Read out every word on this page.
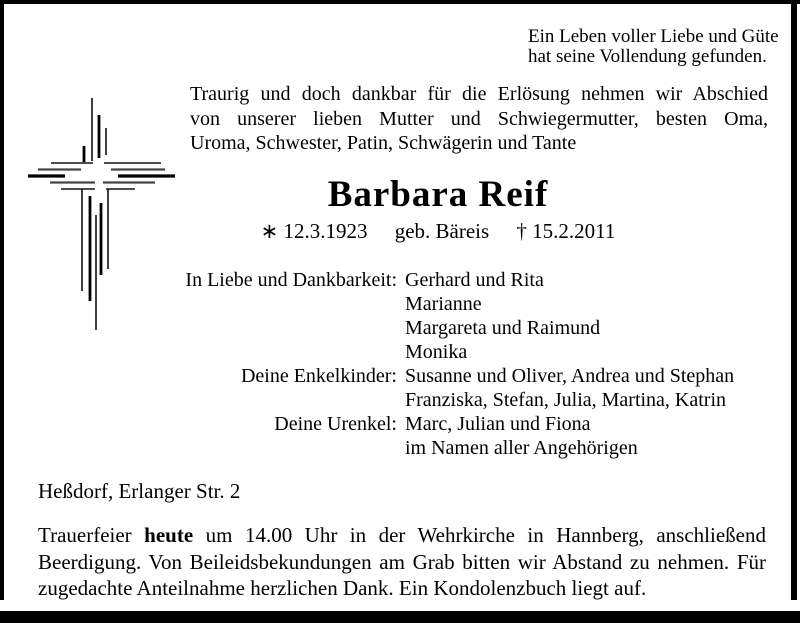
Ein Leben voller Liebe und Güte
hat seine Vollendung gefunden.
Traurig und doch dankbar für die Erlösung nehmen wir Abschied
von unserer lieben Mutter und Schwiegermutter, besten Oma,
Uroma, Schwester, Patin, Schwägerin und Tante
Barbara Reif
∗ 12.3.1923 geb. Bäreis † 15.2.2011
In Liebe und Dankbarkeit: Gerhard und Rita
Marianne
Margareta und Raimund
Monika
Deine Enkelkinder: Susanne und Oliver, Andrea und Stephan
Franziska, Stefan, Julia, Martina, Katrin
Deine Urenkel: Marc, Julian und Fiona
im Namen aller Angehörigen
Heßdorf, Erlanger Str. 2
Trauerfeier heute um 14.00 Uhr in der Wehrkirche in Hannberg, anschließend
Beerdigung. Von Beileidsbekundungen am Grab bitten wir Abstand zu nehmen. Für
zugedachte Anteilnahme herzlichen Dank. Ein Kondolenzbuch liegt auf.
